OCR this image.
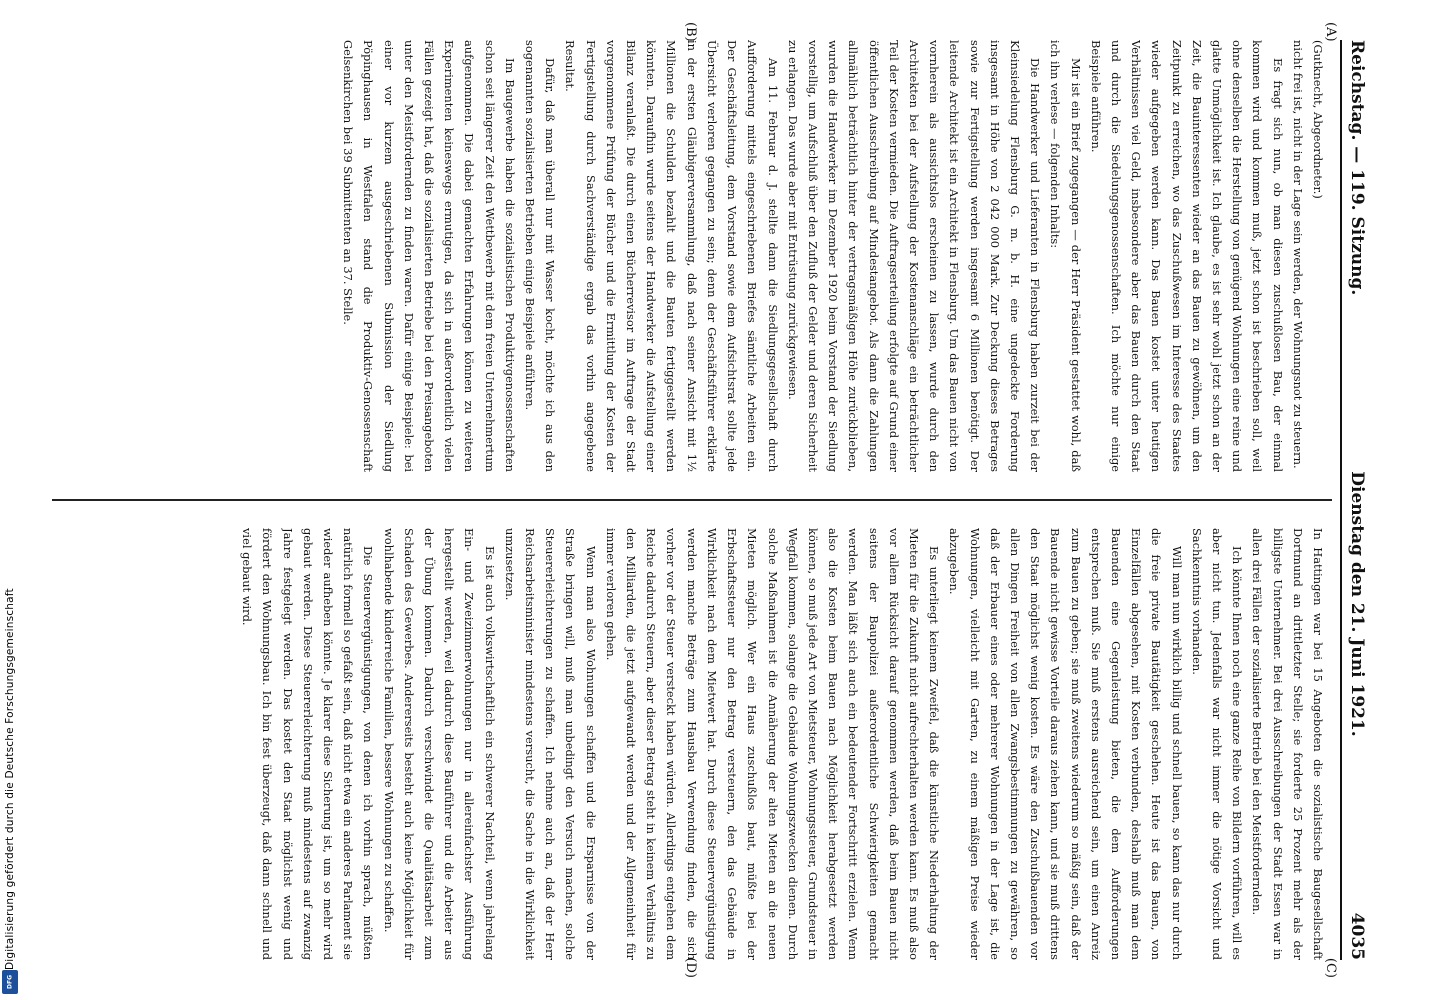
Digitalisierung gefördert durch die Deutsche Forschungsgemeinschaft
DFG
Reichstag. — 119. Sitzung.
Dienstag den 21. Juni 1921.
4035
(A)
(B)
(C)
(D)

(Gutknecht, Abgeordneter.)

nicht frei ist, nicht in der Lage sein werden, der Wohnungsnot zu steuern.

Es fragt sich nun, ob man diesen zuschußlosen Bau, der einmal kommen wird und kommen muß, jetzt schon ist beschrieben soll, weil ohne denselben die Herstellung von genügend Wohnungen eine reine und glatte Unmöglichkeit ist. Ich glaube, es ist sehr wohl jetzt schon an der Zeit, die Bauinteressenten wieder an das Bauen zu gewöhnen, um den Zeitpunkt zu erreichen, wo das Zuschußwesen im Interesse des Staates wieder aufgegeben werden kann. Das Bauen kostet unter heutigen Verhältnissen viel Geld, insbesondere aber das Bauen durch den Staat und durch die Siedelungsgenossenschaften. Ich möchte nur einige Beispiele anführen.

Mir ist ein Brief zugegangen — der Herr Präsident gestattet wohl, daß ich ihn verlese — folgenden Inhalts:

Die Handwerker und Lieferanten in Flensburg haben zurzeit bei der Kleinsiedelung Flensburg G. m. b. H. eine ungedeckte Forderung insgesamt in Höhe von 2 042 000 Mark. Zur Deckung dieses Betrages sowie zur Fertigstellung werden insgesamt 6 Millionen benötigt. Der leitende Architekt ist ein Architekt in Flensburg. Um das Bauen nicht von vornherein als aussichtslos erscheinen zu lassen, wurde durch den Architekten bei der Aufstellung der Kostenanschläge ein beträchtlicher Teil der Kosten vermieden. Die Auftragserteilung erfolgte auf Grund einer öffentlichen Ausschreibung auf Mindestangebot. Als dann die Zahlungen allmählich beträchtlich hinter der vertragsmäßigen Höhe zurückblieben, wurden die Handwerker im Dezember 1920 beim Vorstand der Siedlung vorstellig, um Aufschluß über den Zufluß der Gelder und deren Sicherheit zu erlangen. Das wurde aber mit Entrüstung zurückgewiesen.

Am 11. Februar d. J. stellte dann die Siedlungsgesellschaft durch Aufforderung mittels eingeschriebenen Briefes sämtliche Arbeiten ein. Der Geschäftsleitung, dem Vorstand sowie dem Aufsichtsrat sollte jede Übersicht verloren gegangen zu sein; denn der Geschäftsführer erklärte in der ersten Gläubigerversammlung, daß nach seiner Ansicht mit 1½ Millionen die Schulden bezahlt und die Bauten fertiggestellt werden könnten. Daraufhin wurde seitens der Handwerker die Aufstellung einer Bilanz veranlaßt. Die durch einen Bücherrevisor im Auftrage der Stadt vorgenommene Prüfung der Bücher und die Ermittlung der Kosten der Fertigstellung durch Sachverständige ergab das vorhin angegebene Resultat.

Dafür, daß man überall nur mit Wasser kocht, möchte ich aus den sogenannten sozialisierten Betrieben einige Beispiele anführen.

Im Baugewerbe haben die sozialistischen Produktivgenossenschaften schon seit längerer Zeit den Wettbewerb mit dem freien Unternehmertum aufgenommen. Die dabei gemachten Erfahrungen können zu weiteren Experimenten keineswegs ermutigen, da sich in außerordentlich vielen Fällen gezeigt hat, daß die sozialisierten Betriebe bei den Preisangeboten unter den Meistfordernden zu finden waren. Dafür einige Beispiele: bei einer vor kurzem ausgeschriebenen Submission der Siedlung Pöpinghausen in Westfalen stand die Produktiv-Genossenschaft Gelsenkirchen bei 39 Submittenten an 37. Stelle.

In Hattingen war bei 15 Angeboten die sozialistische Baugesellschaft Dortmund an drittletzter Stelle; sie forderte 25 Prozent mehr als der billigste Unternehmer. Bei drei Ausschreibungen der Stadt Essen war in allen drei Fällen der sozialisierte Betrieb bei den Meistfordernden.

Ich könnte Ihnen noch eine ganze Reihe von Bildern vorführen, will es aber nicht tun. Jedenfalls war nicht immer die nötige Vorsicht und Sachkenntnis vorhanden.

Will man nun wirklich billig und schnell bauen, so kann das nur durch die freie private Bautätigkeit geschehen. Heute ist das Bauen, von Einzelfällen abgesehen, mit Kosten verbunden, deshalb muß man dem Bauenden eine Gegenleistung bieten, die dem Aufforderungen entsprechen muß. Sie muß erstens ausreichend sein, um einen Anreiz zum Bauen zu geben; sie muß zweitens wiederum so mäßig sein, daß der Bauende nicht gewisse Vorteile daraus ziehen kann, und sie muß drittens den Staat möglichst wenig kosten. Es wäre den Zuschußbauenden vor allen Dingen Freiheit von allen Zwangsbestimmungen zu gewähren, so daß der Erbauer eines oder mehrerer Wohnungen in der Lage ist, die Wohnungen, vielleicht mit Garten, zu einem mäßigen Preise wieder abzugeben.

Es unterliegt keinem Zweifel, daß die künstliche Niederhaltung der Mieten für die Zukunft nicht aufrechterhalten werden kann. Es muß also vor allem Rücksicht darauf genommen werden, daß beim Bauen nicht seitens der Baupolizei außerordentliche Schwierigkeiten gemacht werden. Man läßt sich auch ein bedeutender Fortschritt erzielen. Wenn also die Kosten beim Bauen nach Möglichkeit herabgesetzt werden können, so muß jede Art von Mietsteuer, Wohnungssteuer, Grundsteuer in Wegfall kommen, solange die Gebäude Wohnungszwecken dienen. Durch solche Maßnahmen ist die Annäherung der alten Mieten an die neuen Mieten möglich. Wer ein Haus zuschußlos baut, müßte bei der Erbschaftssteuer nur den Betrag versteuern, den das Gebäude in Wirklichkeit nach dem Mietwert hat. Durch diese Steuervergünstigung werden manche Beträge zum Hausbau Verwendung finden, die sich vorher vor der Steuer versteckt haben würden. Allerdings entgehen dem Reiche dadurch Steuern, aber dieser Betrag steht in keinem Verhältnis zu den Milliarden, die jetzt aufgewandt werden und der Allgemeinheit für immer verloren gehen.

Wenn man also Wohnungen schaffen und die Ersparnisse von der Straße bringen will, muß man unbedingt den Versuch machen, solche Steuererleichterungen zu schaffen. Ich nehme auch an, daß der Herr Reichsarbeitsminister mindestens versucht, die Sache in die Wirklichkeit umzusetzen.

Es ist auch volkswirtschaftlich ein schwerer Nachteil, wenn jahrelang Ein- und Zweizimmerwohnungen nur in allereinfachster Ausführung hergestellt werden, weil dadurch diese Bauführer und die Arbeiter aus der Übung kommen. Dadurch verschwindet die Qualitätsarbeit zum Schaden des Gewerbes. Andererseits besteht auch keine Möglichkeit für wohlhabende kinderreiche Familien, bessere Wohnungen zu schaffen.

Die Steuervergünstigungen, von denen ich vorhin sprach, müßten natürlich formell so gefaßt sein, daß nicht etwa ein anderes Parlament sie wieder aufheben könnte. Je klarer diese Sicherung ist, um so mehr wird gebaut werden. Diese Steuererleichterung muß mindestens auf zwanzig Jahre festgelegt werden. Das kostet den Staat möglichst wenig und fördert den Wohnungsbau. Ich bin fest überzeugt, daß dann schnell und viel gebaut wird.
